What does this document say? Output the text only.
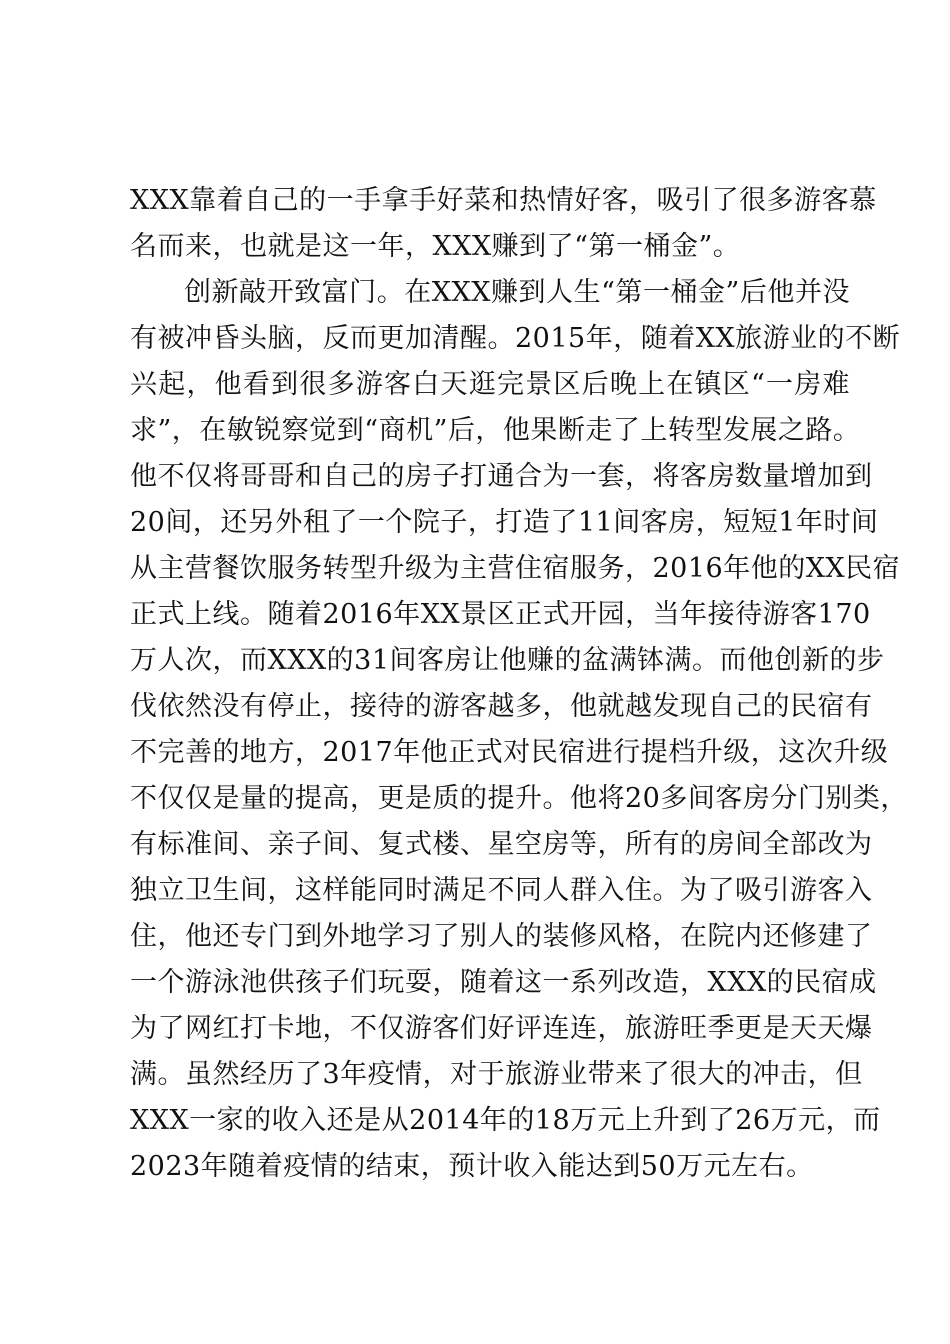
XXX靠着自己的一手拿手好菜和热情好客，吸引了很多游客慕
名而来，也就是这一年，XXX赚到了“第一桶金”。
创新敲开致富门。在XXX赚到人生“第一桶金”后他并没
有被冲昏头脑，反而更加清醒。2015年，随着XX旅游业的不断
兴起，他看到很多游客白天逛完景区后晚上在镇区“一房难
求”，在敏锐察觉到“商机”后，他果断走了上转型发展之路。
他不仅将哥哥和自己的房子打通合为一套，将客房数量增加到
20间，还另外租了一个院子，打造了11间客房，短短1年时间
从主营餐饮服务转型升级为主营住宿服务，2016年他的XX民宿
正式上线。随着2016年XX景区正式开园，当年接待游客170
万人次，而XXX的31间客房让他赚的盆满钵满。而他创新的步
伐依然没有停止，接待的游客越多，他就越发现自己的民宿有
不完善的地方，2017年他正式对民宿进行提档升级，这次升级
不仅仅是量的提高，更是质的提升。他将20多间客房分门别类，
有标准间、亲子间、复式楼、星空房等，所有的房间全部改为
独立卫生间，这样能同时满足不同人群入住。为了吸引游客入
住，他还专门到外地学习了别人的装修风格，在院内还修建了
一个游泳池供孩子们玩耍，随着这一系列改造，XXX的民宿成
为了网红打卡地，不仅游客们好评连连，旅游旺季更是天天爆
满。虽然经历了3年疫情，对于旅游业带来了很大的冲击，但
XXX一家的收入还是从2014年的18万元上升到了26万元，而
2023年随着疫情的结束，预计收入能达到50万元左右。
